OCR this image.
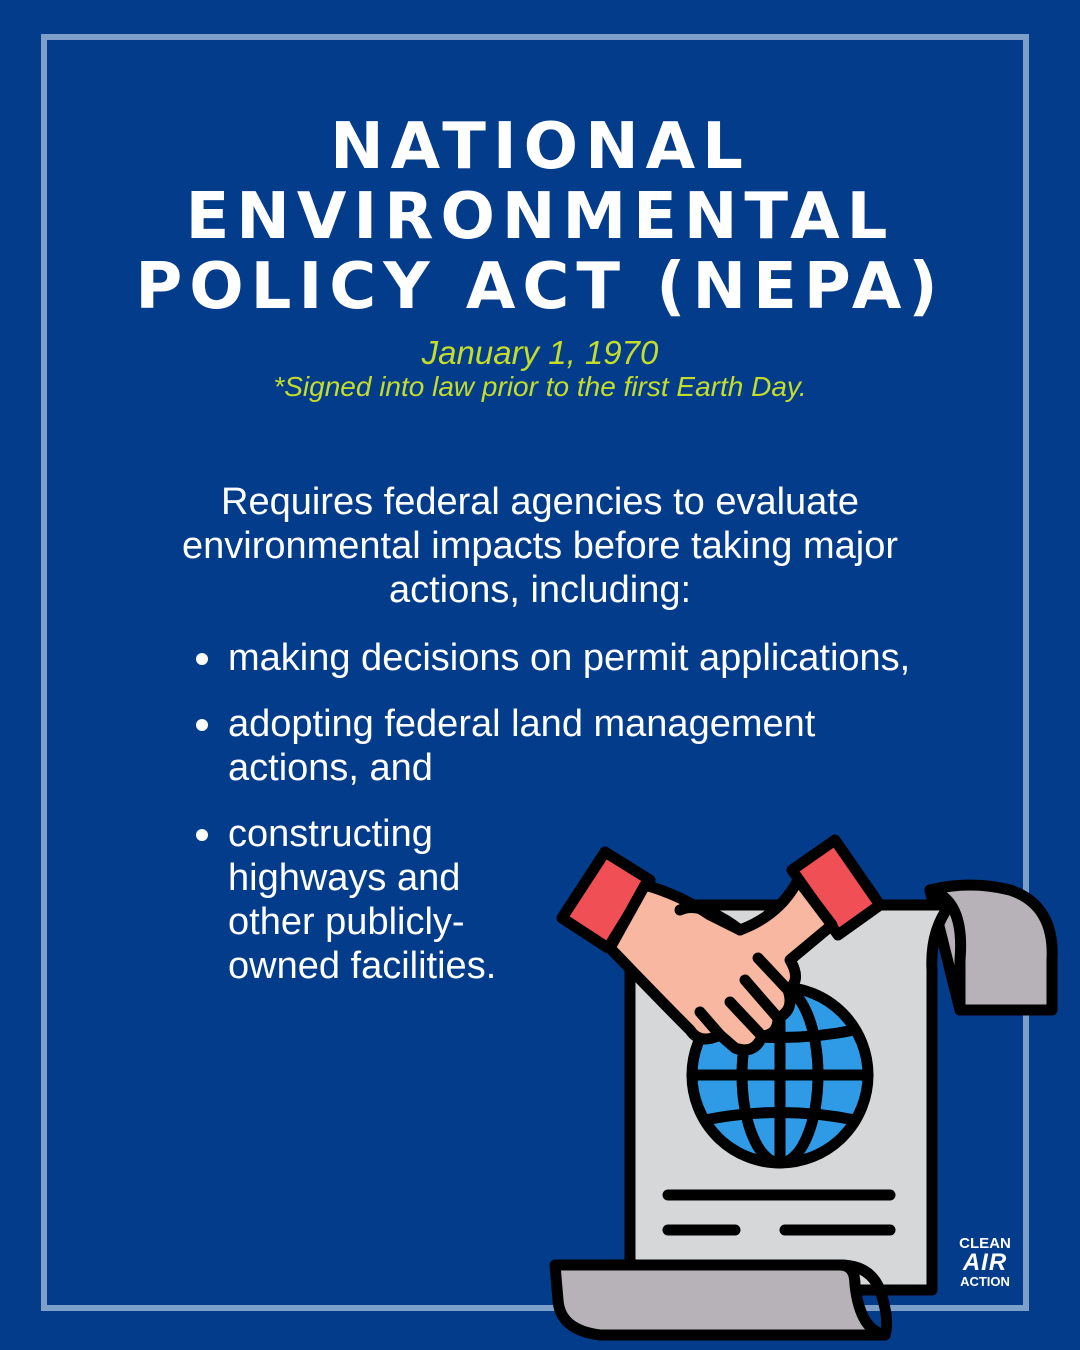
NATIONAL
ENVIRONMENTAL
POLICY ACT (NEPA)
January 1, 1970
*Signed into law prior to the first Earth Day.
Requires federal agencies to evaluate environmental impacts before taking major actions, including:
making decisions on permit applications,
adopting federal land management actions, and
constructing highways and other publicly-owned facilities.
CLEAN
AIR
ACTION
